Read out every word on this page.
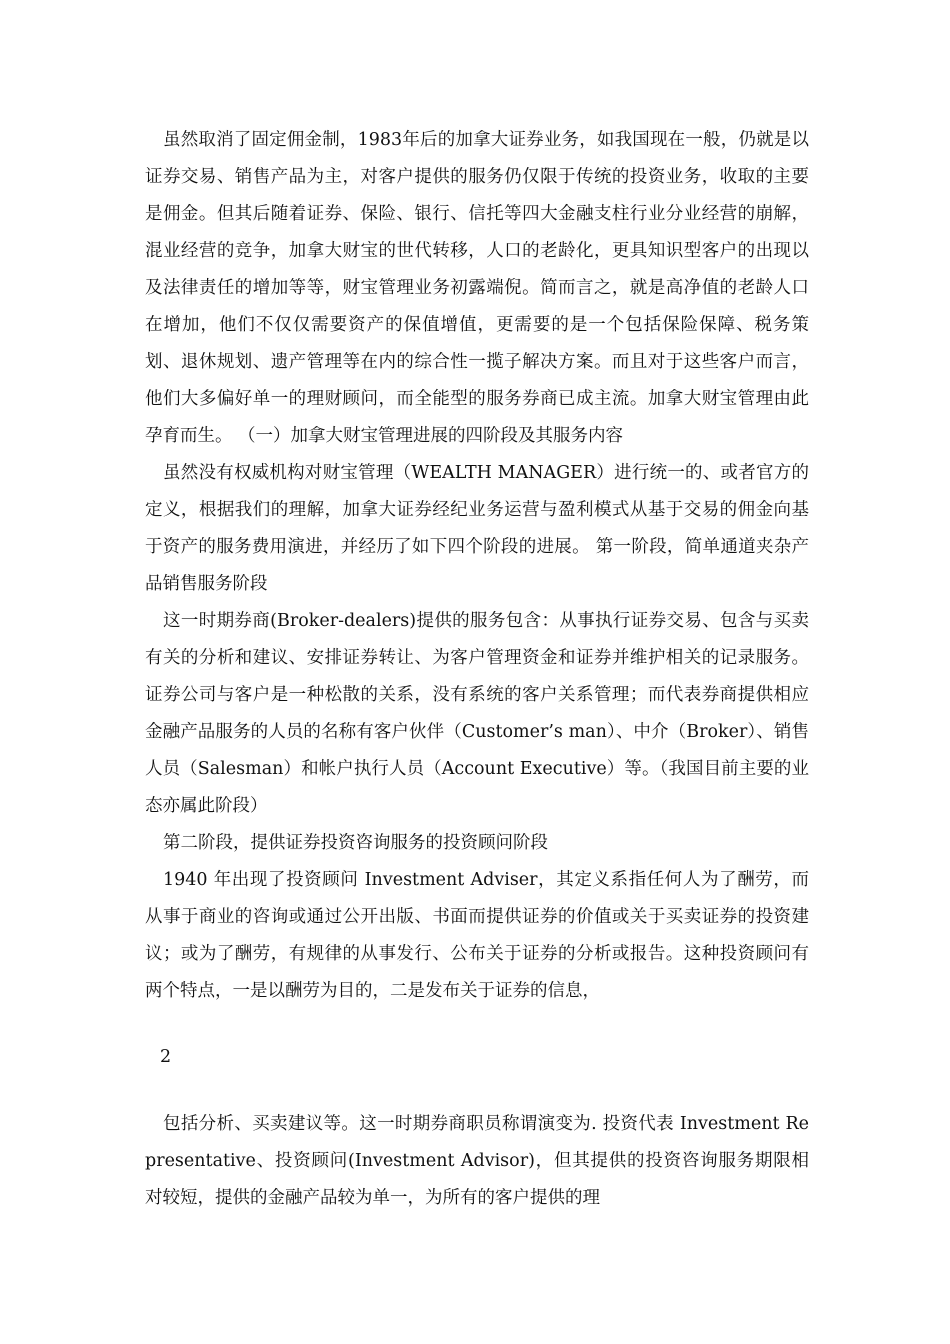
虽然取消了固定佣金制，1983年后的加拿大证券业务，如我国现在一般，仍就是以证券交易、销售产品为主，对客户提供的服务仍仅限于传统的投资业务，收取的主要是佣金。但其后随着证券、保险、银行、信托等四大金融支柱行业分业经营的崩解，混业经营的竞争，加拿大财宝的世代转移，人口的老龄化，更具知识型客户的出现以及法律责任的增加等等，财宝管理业务初露端倪。简而言之，就是高净值的老龄人口在增加，他们不仅仅需要资产的保值增值，更需要的是一个包括保险保障、税务策划、退休规划、遗产管理等在内的综合性一揽子解决方案。而且对于这些客户而言，他们大多偏好单一的理财顾问，而全能型的服务券商已成主流。加拿大财宝管理由此孕育而生。 （一）加拿大财宝管理进展的四阶段及其服务内容

虽然没有权威机构对财宝管理（WEALTH MANAGER）进行统一的、或者官方的定义，根据我们的理解，加拿大证券经纪业务运营与盈利模式从基于交易的佣金向基于资产的服务费用演进，并经历了如下四个阶段的进展。 第一阶段，简单通道夹杂产品销售服务阶段

这一时期券商(Broker-dealers)提供的服务包含：从事执行证券交易、包含与买卖有关的分析和建议、安排证券转让、为客户管理资金和证券并维护相关的记录服务。证券公司与客户是一种松散的关系，没有系统的客户关系管理；而代表券商提供相应金融产品服务的人员的名称有客户伙伴（Customer’s man）、中介（Broker）、销售人员（Salesman）和帐户执行人员（Account Executive）等。（我国目前主要的业态亦属此阶段）

第二阶段，提供证券投资咨询服务的投资顾问阶段

1940 年出现了投资顾问 Investment Adviser，其定义系指任何人为了酬劳，而从事于商业的咨询或通过公开出版、书面而提供证券的价值或关于买卖证券的投资建议；或为了酬劳，有规律的从事发行、公布关于证券的分析或报告。这种投资顾问有两个特点，一是以酬劳为目的，二是发布关于证券的信息，

2

包括分析、买卖建议等。这一时期券商职员称谓演变为. 投资代表 Investment Representative、投资顾问(Investment Advisor)，但其提供的投资咨询服务期限相对较短，提供的金融产品较为单一，为所有的客户提供的理
